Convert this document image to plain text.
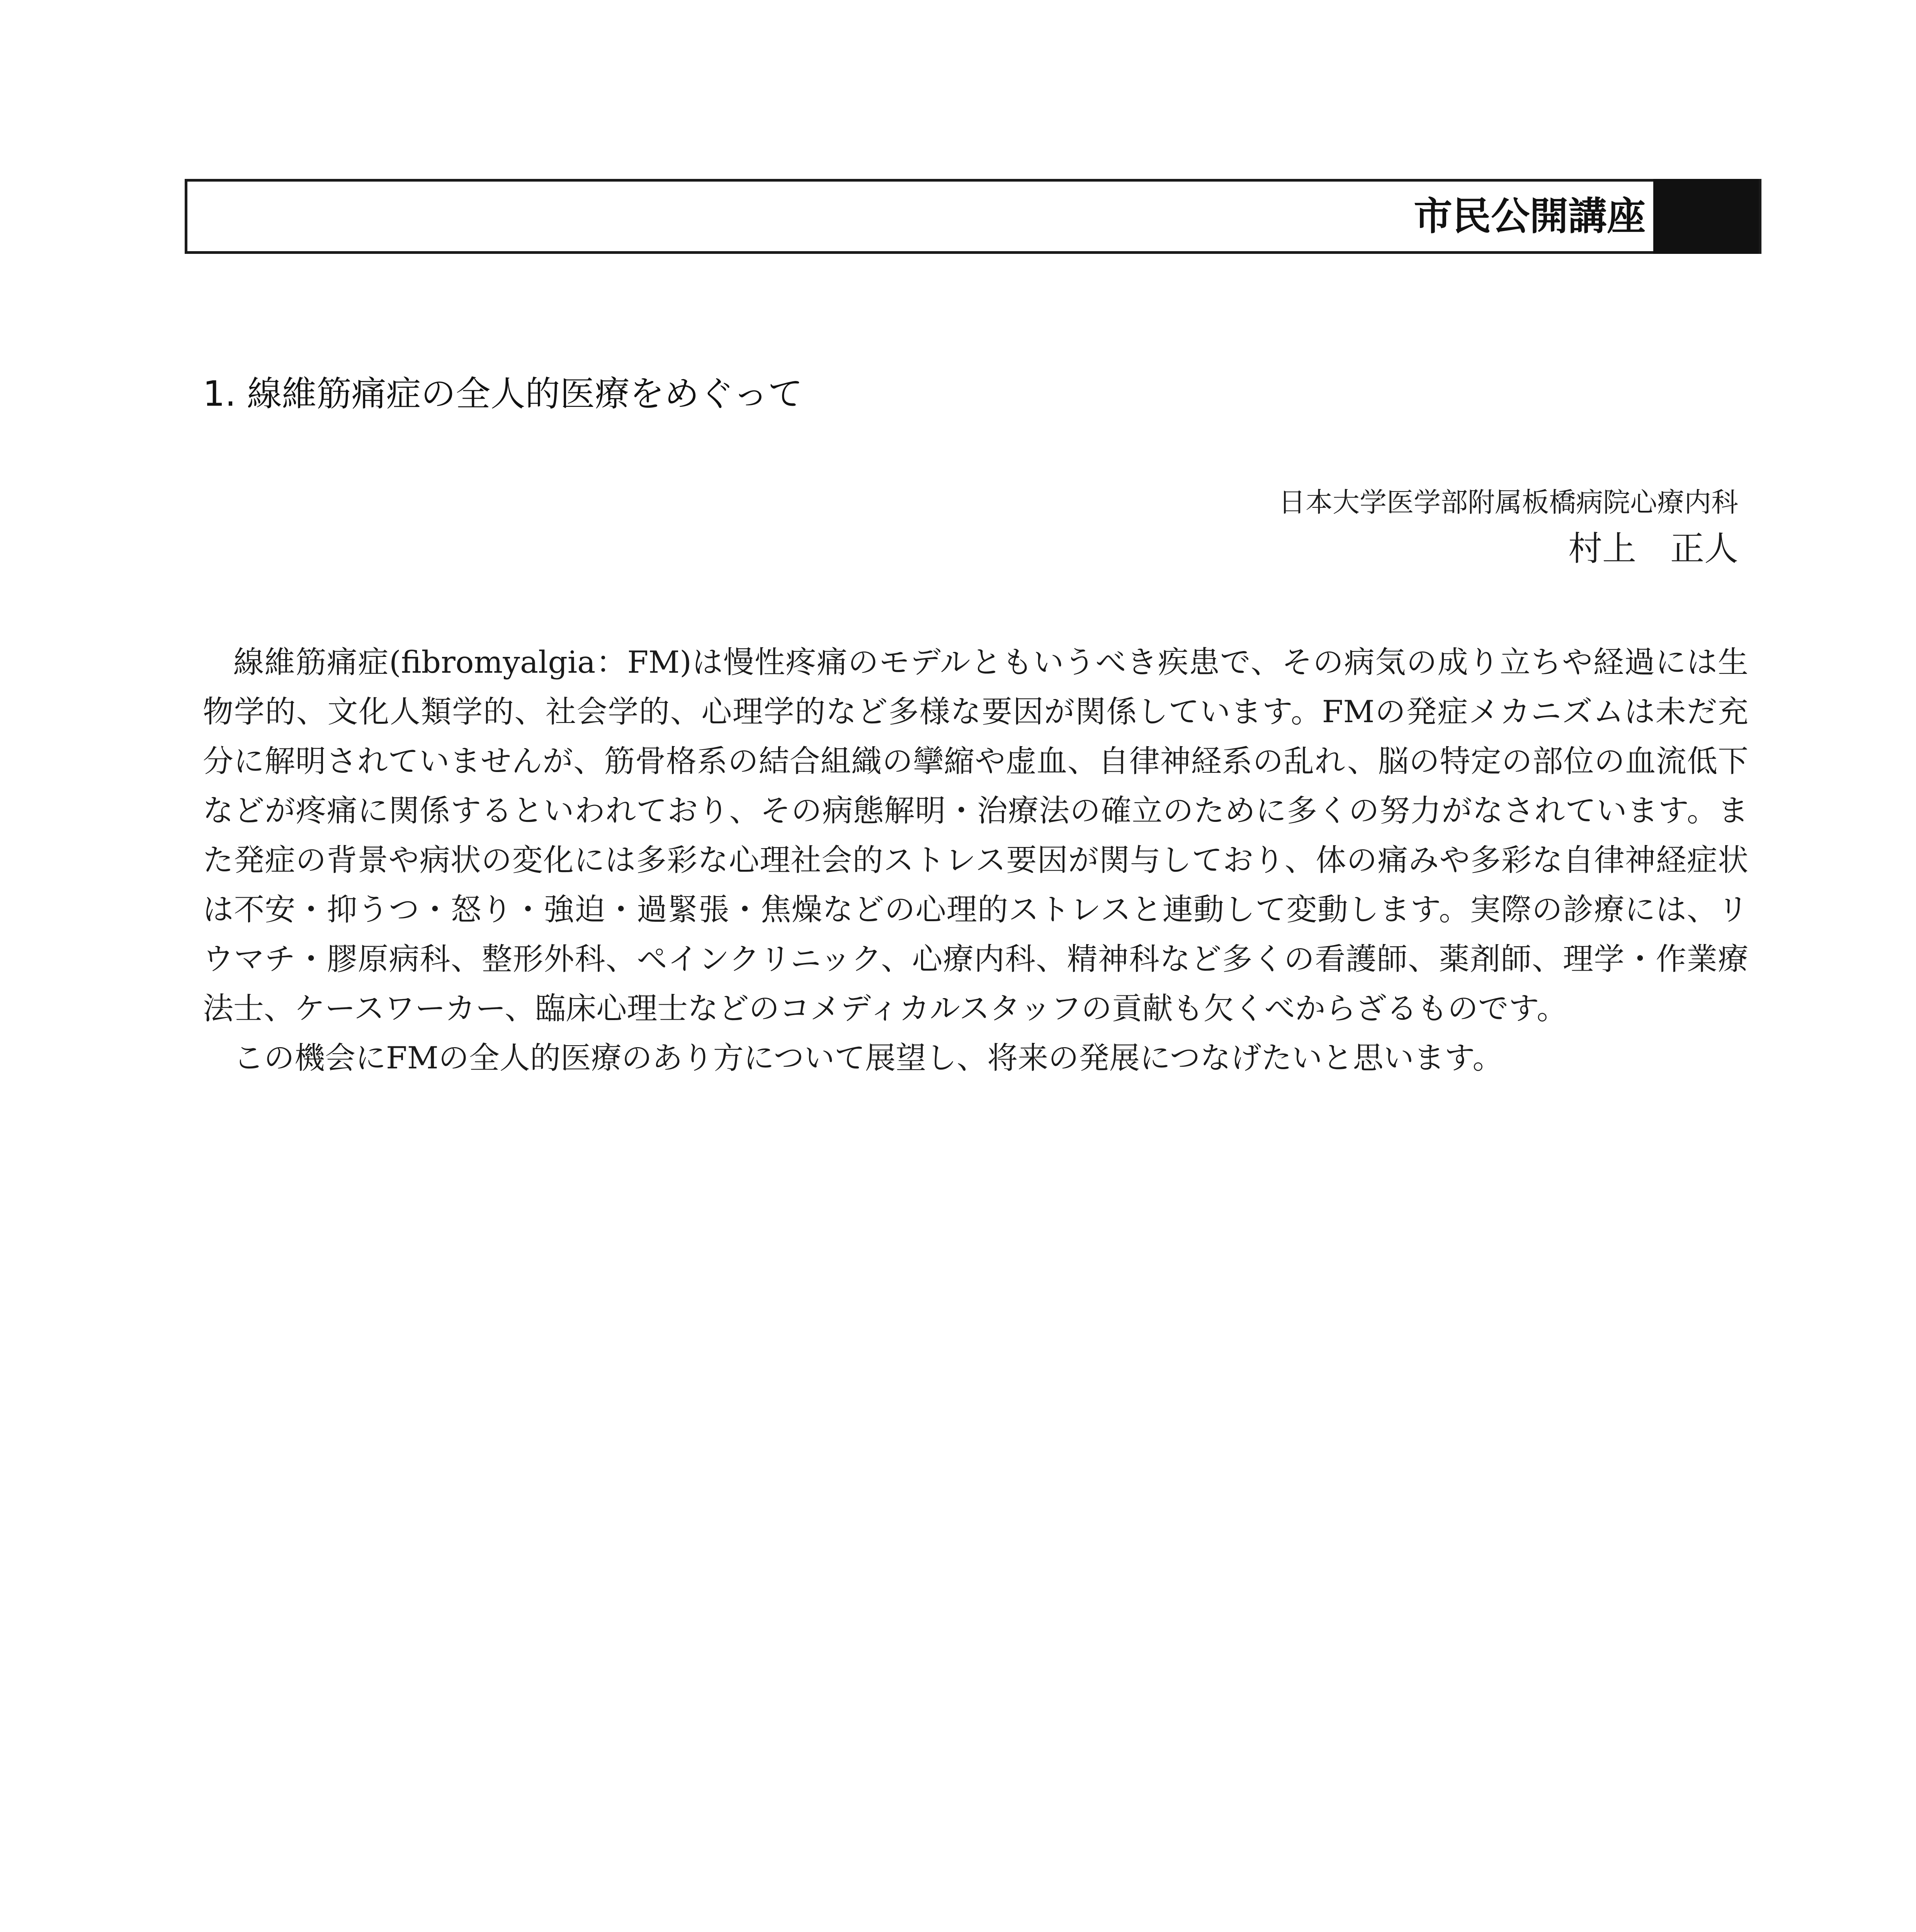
市民公開講座
1. 線維筋痛症の全人的医療をめぐって
日本大学医学部附属板橋病院心療内科
村上　正人

線維筋痛症(fibromyalgia：FM)は慢性疼痛のモデルともいうべき疾患で、その病気の成り立ちや経過には生物学的、文化人類学的、社会学的、心理学的など多様な要因が関係しています。FMの発症メカニズムは未だ充分に解明されていませんが、筋骨格系の結合組織の攣縮や虚血、自律神経系の乱れ、脳の特定の部位の血流低下などが疼痛に関係するといわれており、その病態解明・治療法の確立のために多くの努力がなされています。また発症の背景や病状の変化には多彩な心理社会的ストレス要因が関与しており、体の痛みや多彩な自律神経症状は不安・抑うつ・怒り・強迫・過緊張・焦燥などの心理的ストレスと連動して変動します。実際の診療には、リウマチ・膠原病科、整形外科、ペインクリニック、心療内科、精神科など多くの看護師、薬剤師、理学・作業療法士、ケースワーカー、臨床心理士などのコメディカルスタッフの貢献も欠くべからざるものです。

この機会にFMの全人的医療のあり方について展望し、将来の発展につなげたいと思います。
